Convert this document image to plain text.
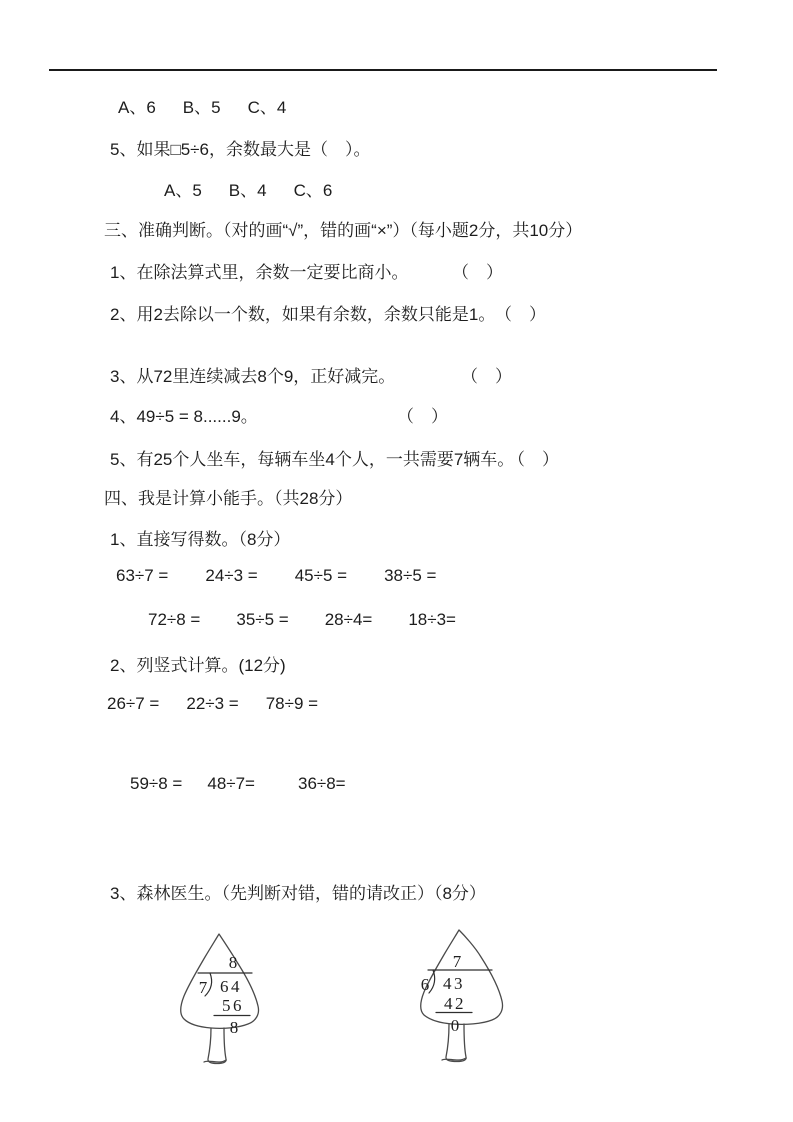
A、6 B、5 C、4
5、如果□5÷6，余数最大是（　）。
A、5 B、4 C、6
三、准确判断。（对的画“√”，错的画“×”）（每小题2分，共10分）
1、在除法算式里，余数一定要比商小。	（　）
2、用2去除以一个数，如果有余数，余数只能是1。 （　）
3、从72里连续减去8个9，正好减完。	（　）
4、49÷5 = 8......9。	（　）
5、有25个人坐车，每辆车坐4个人，一共需要7辆车。
（　）
四、我是计算小能手。（共28分）
1、直接写得数。（8分）
63÷7 = 24÷3 = 45÷5 = 38÷5 =
72÷8 = 35÷5 = 28÷4= 18÷3=
2、列竖式计算。(12分)
26÷7 = 22÷3 = 78÷9 =
59÷8 = 48÷7=	36÷8=
3、森林医生。（先判断对错，错的请改正）（8分）
8
7 64
56
8
7
6 43
42
0
